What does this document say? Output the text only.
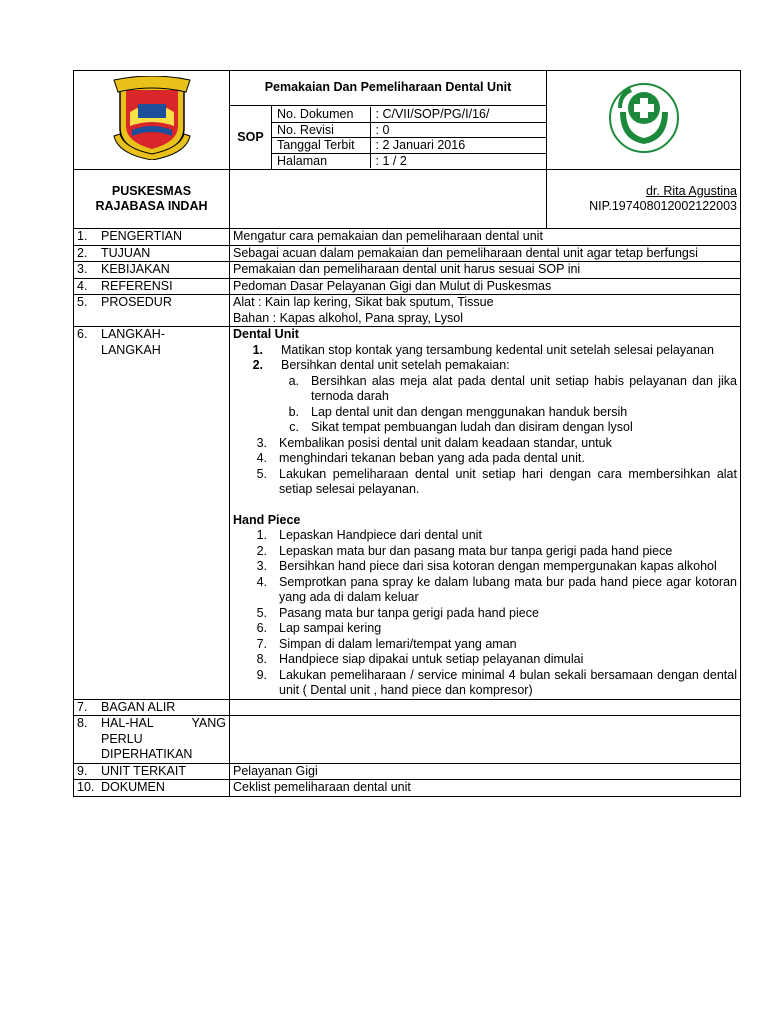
	Pemakaian Dan Pemeliharaan Dental Unit	
SOP	
No. Dokumen	: C/VII/SOP/PG/I/16/
No. Revisi	: 0
Tanggal Terbit	: 2 Januari 2016
Halaman	: 1 / 2

PUSKESMAS
RAJABASA INDAH

dr. Rita Agustina
NIP.197408012002122003

1.	PENGERTIAN	Mengatur cara pemakaian dan pemeliharaan dental unit

2.	TUJUAN	Sebagai acuan dalam pemakaian dan pemeliharaan dental unit agar tetap berfungsi

3.	KEBIJAKAN	Pemakaian dan pemeliharaan dental unit harus sesuai SOP ini

4.	REFERENSI	Pedoman Dasar Pelayanan Gigi dan Mulut di Puskesmas

5.	PROSEDUR	Alat : Kain lap kering, Sikat bak sputum, Tissue
Bahan : Kapas alkohol, Pana spray, Lysol

6.	LANGKAH-
LANGKAH

Dental Unit
1.	Matikan stop kontak yang tersambung kedental unit setelah selesai pelayanan
2.	Bersihkan dental unit setelah pemakaian:
a. Bersihkan alas meja alat pada dental unit setiap habis pelayanan dan jika ternoda darah
b. Lap dental unit dan dengan menggunakan handuk bersih
c. Sikat tempat pembuangan ludah dan disiram dengan lysol
3. Kembalikan posisi dental unit dalam keadaan standar, untuk
4. menghindari tekanan beban yang ada pada dental unit.
5. Lakukan pemeliharaan dental unit setiap hari dengan cara membersihkan alat setiap selesai pelayanan.
Hand Piece
1. Lepaskan Handpiece dari dental unit
2. Lepaskan mata bur dan pasang mata bur tanpa gerigi pada hand piece
3. Bersihkan hand piece dari sisa kotoran dengan mempergunakan kapas alkohol
4. Semprotkan pana spray ke dalam lubang mata bur pada hand piece agar kotoran yang ada di dalam keluar
5. Pasang mata bur tanpa gerigi pada hand piece
6. Lap sampai kering
7. Simpan di dalam lemari/tempat yang aman
8. Handpiece siap dipakai untuk setiap pelayanan dimulai
9. Lakukan pemeliharaan / service minimal 4 bulan sekali bersamaan dengan dental unit ( Dental unit , hand piece dan kompresor)

7.	BAGAN ALIR

8.	HAL-HAL YANG
PERLU
DIPERHATIKAN

9.	UNIT TERKAIT	Pelayanan Gigi

10. DOKUMEN	Ceklist pemeliharaan dental unit
